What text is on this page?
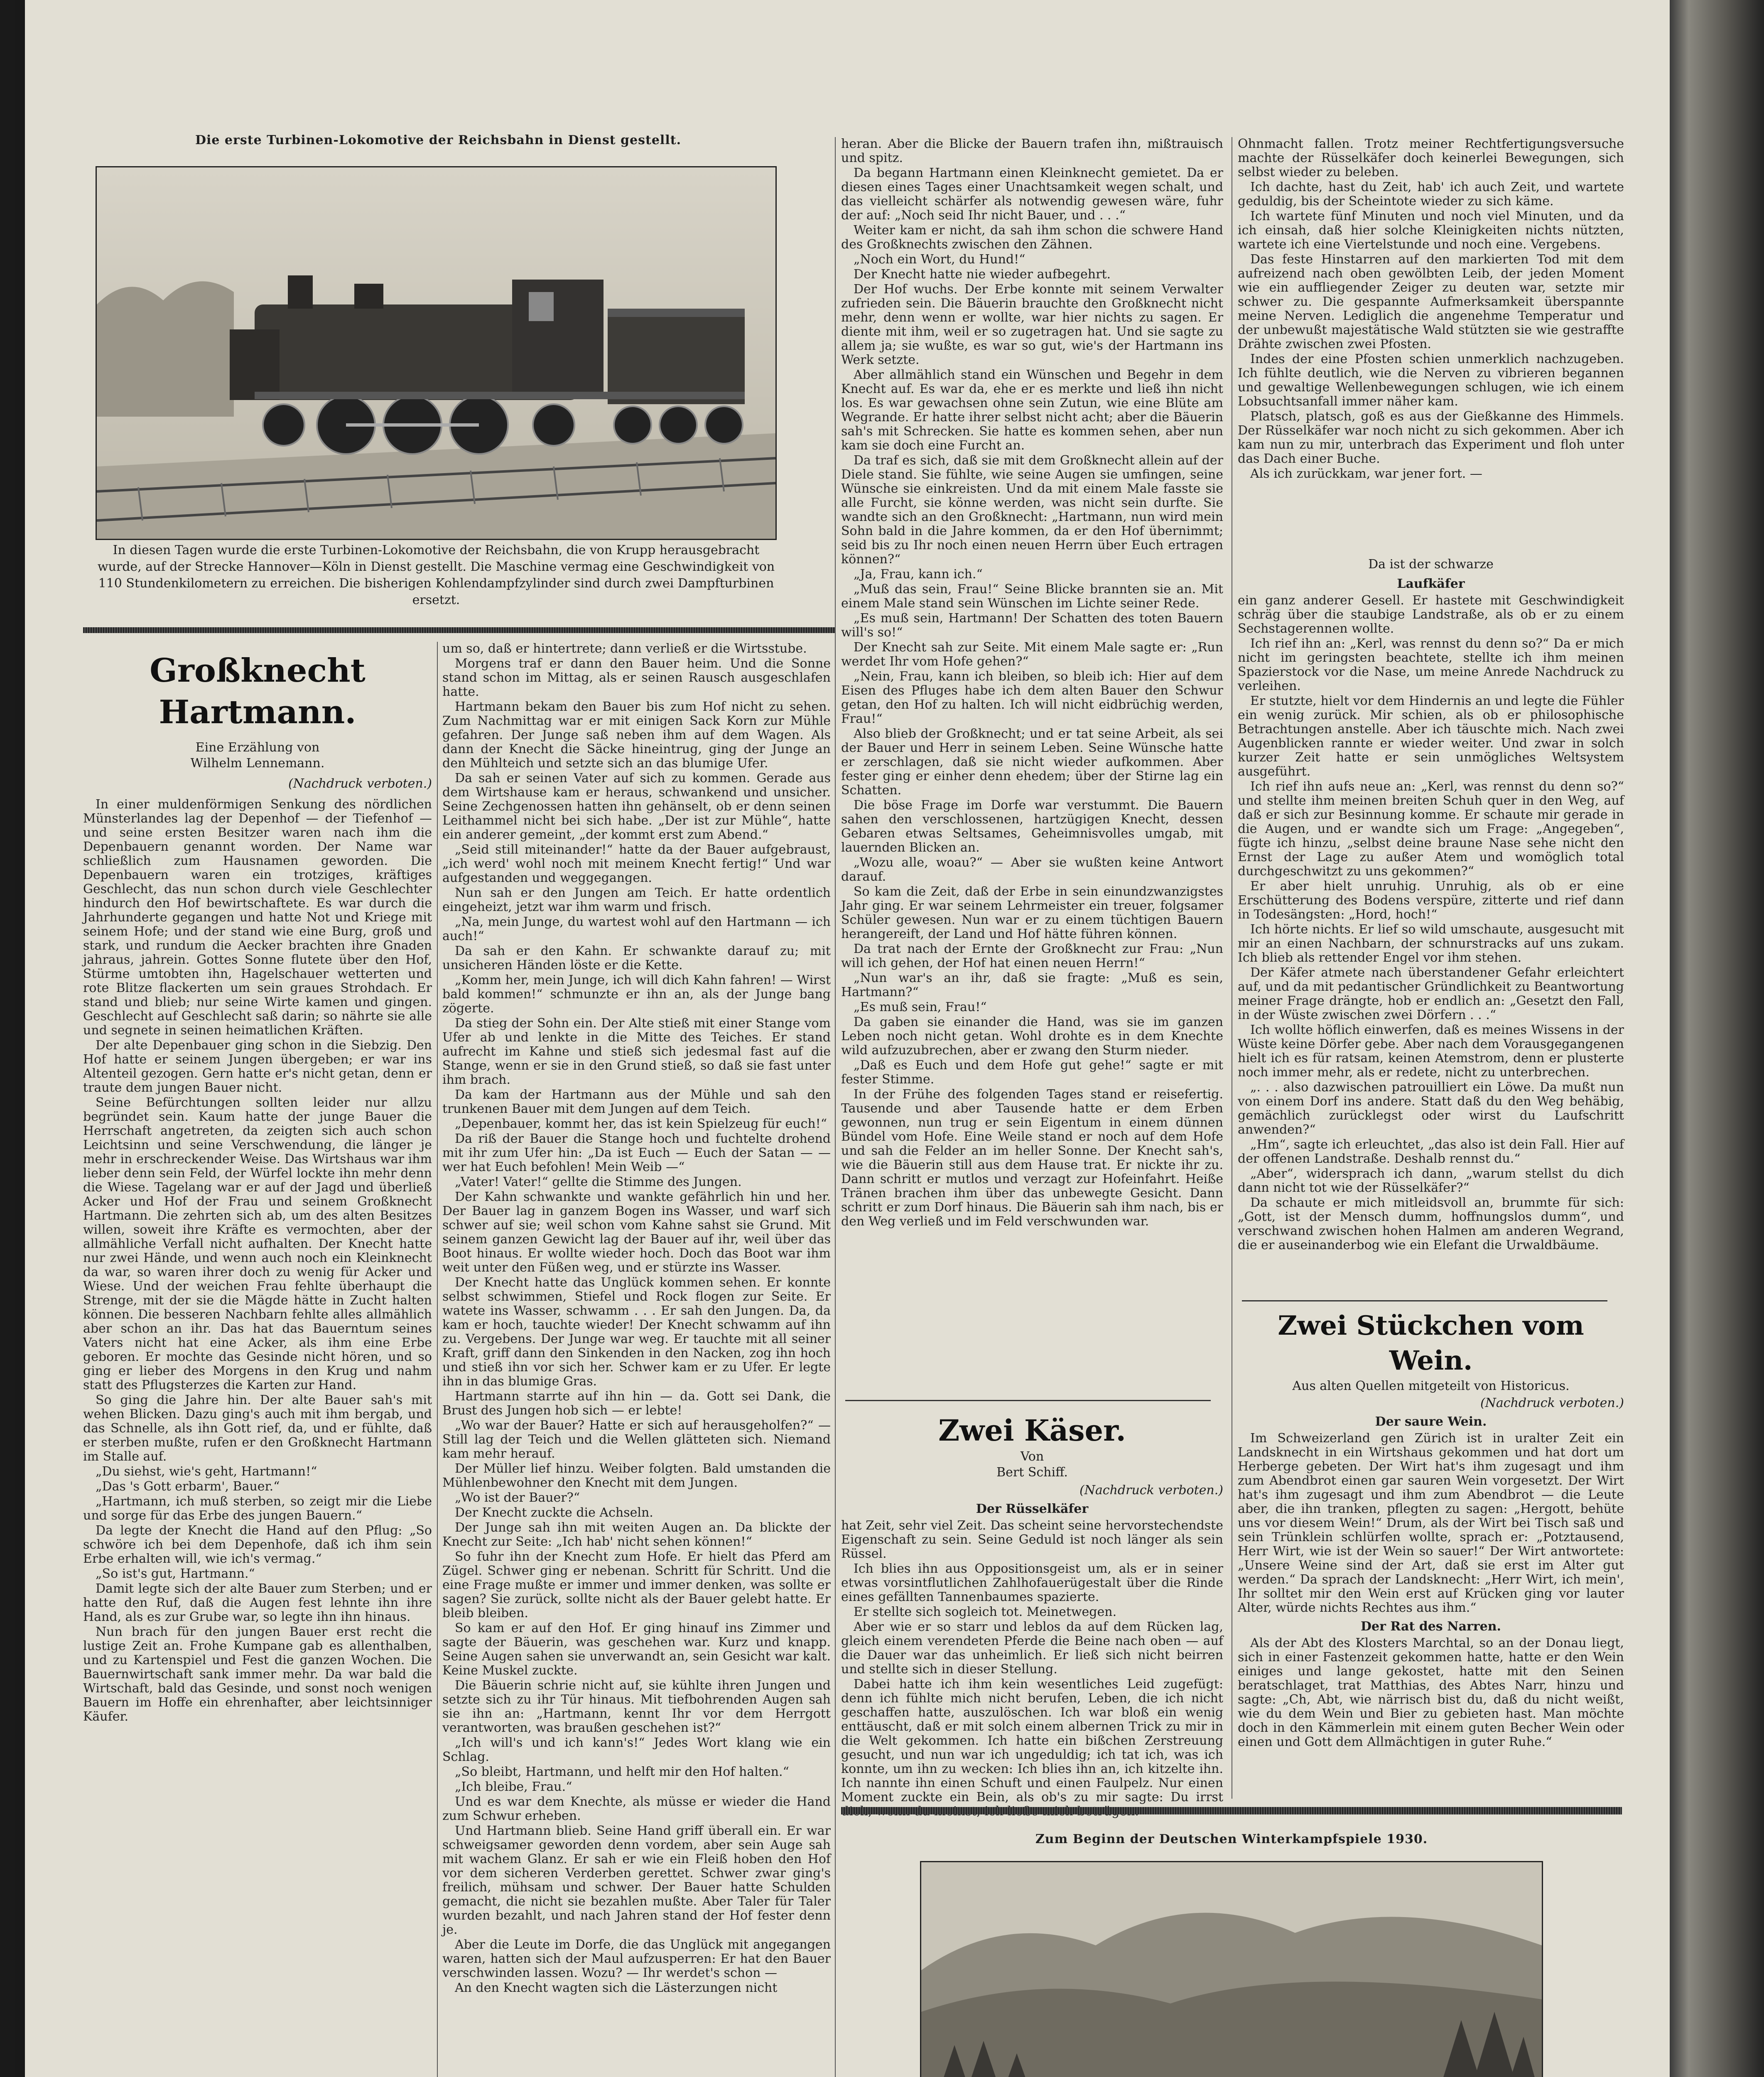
Die erste Turbinen-Lokomotive der Reichsbahn in Dienst gestellt.
In diesen Tagen wurde die erste Turbinen-Lokomotive der Reichsbahn, die von Krupp herausgebracht wurde, auf der Strecke Hannover—Köln in Dienst gestellt. Die Maschine vermag eine Geschwindigkeit von 110 Stundenkilometern zu erreichen. Die bisherigen Kohlendampfzylinder sind durch zwei Dampfturbinen ersetzt.
Großknecht Hartmann.
Eine Erzählung von
Wilhelm Lennemann.
(Nachdruck verboten.)

In einer muldenförmigen Senkung des nördlichen Münsterlandes lag der Depenhof — der Tiefenhof — und seine ersten Besitzer waren nach ihm die Depenbauern genannt worden. Der Name war schließlich zum Hausnamen geworden. Die Depenbauern waren ein trotziges, kräftiges Geschlecht, das nun schon durch viele Geschlechter hindurch den Hof bewirtschaftete. Es war durch die Jahrhunderte gegangen und hatte Not und Kriege mit seinem Hofe; und der stand wie eine Burg, groß und stark, und rundum die Aecker brachten ihre Gnaden jahraus, jahrein. Gottes Sonne flutete über den Hof, Stürme umtobten ihn, Hagelschauer wetterten und rote Blitze flackerten um sein graues Strohdach. Er stand und blieb; nur seine Wirte kamen und gingen. Geschlecht auf Geschlecht saß darin; so nährte sie alle und segnete in seinen heimatlichen Kräften.

Der alte Depenbauer ging schon in die Siebzig. Den Hof hatte er seinem Jungen übergeben; er war ins Altenteil gezogen. Gern hatte er's nicht getan, denn er traute dem jungen Bauer nicht.

Seine Befürchtungen sollten leider nur allzu begründet sein. Kaum hatte der junge Bauer die Herrschaft angetreten, da zeigten sich auch schon Leichtsinn und seine Verschwendung, die länger je mehr in erschreckender Weise. Das Wirtshaus war ihm lieber denn sein Feld, der Würfel lockte ihn mehr denn die Wiese. Tagelang war er auf der Jagd und überließ Acker und Hof der Frau und seinem Großknecht Hartmann. Die zehrten sich ab, um des alten Besitzes willen, soweit ihre Kräfte es vermochten, aber der allmähliche Verfall nicht aufhalten. Der Knecht hatte nur zwei Hände, und wenn auch noch ein Kleinknecht da war, so waren ihrer doch zu wenig für Acker und Wiese. Und der weichen Frau fehlte überhaupt die Strenge, mit der sie die Mägde hätte in Zucht halten können. Die besseren Nachbarn fehlte alles allmählich aber schon an ihr. Das hat das Bauerntum seines Vaters nicht hat eine Acker, als ihm eine Erbe geboren. Er mochte das Gesinde nicht hören, und so ging er lieber des Morgens in den Krug und nahm statt des Pflugsterzes die Karten zur Hand.

So ging die Jahre hin. Der alte Bauer sah's mit wehen Blicken. Dazu ging's auch mit ihm bergab, und das Schnelle, als ihn Gott rief, da, und er fühlte, daß er sterben mußte, rufen er den Großknecht Hartmann im Stalle auf.

„Du siehst, wie's geht, Hartmann!“

„Das 's Gott erbarm', Bauer.“

„Hartmann, ich muß sterben, so zeigt mir die Liebe und sorge für das Erbe des jungen Bauern.“

Da legte der Knecht die Hand auf den Pflug: „So schwöre ich bei dem Depenhofe, daß ich ihm sein Erbe erhalten will, wie ich's vermag.“

„So ist's gut, Hartmann.“

Damit legte sich der alte Bauer zum Sterben; und er hatte den Ruf, daß die Augen fest lehnte ihn ihre Hand, als es zur Grube war, so legte ihn ihn hinaus.

Nun brach für den jungen Bauer erst recht die lustige Zeit an. Frohe Kumpane gab es allenthalben, und zu Kartenspiel und Fest die ganzen Wochen. Die Bauernwirtschaft sank immer mehr. Da war bald die Wirtschaft, bald das Gesinde, und sonst noch wenigen Bauern im Hoffe ein ehrenhafter, aber leichtsinniger Käufer.

um so, daß er hintertrete; dann verließ er die Wirtsstube.

Morgens traf er dann den Bauer heim. Und die Sonne stand schon im Mittag, als er seinen Rausch ausgeschlafen hatte.

Hartmann bekam den Bauer bis zum Hof nicht zu sehen. Zum Nachmittag war er mit einigen Sack Korn zur Mühle gefahren. Der Junge saß neben ihm auf dem Wagen. Als dann der Knecht die Säcke hineintrug, ging der Junge an den Mühlteich und setzte sich an das blumige Ufer.

Da sah er seinen Vater auf sich zu kommen. Gerade aus dem Wirtshause kam er heraus, schwankend und unsicher. Seine Zechgenossen hatten ihn gehänselt, ob er denn seinen Leithammel nicht bei sich habe. „Der ist zur Mühle“, hatte ein anderer gemeint, „der kommt erst zum Abend.“

„Seid still miteinander!“ hatte da der Bauer aufgebraust, „ich werd' wohl noch mit meinem Knecht fertig!“ Und war aufgestanden und weggegangen.

Nun sah er den Jungen am Teich. Er hatte ordentlich eingeheizt, jetzt war ihm warm und frisch.

„Na, mein Junge, du wartest wohl auf den Hartmann — ich auch!“

Da sah er den Kahn. Er schwankte darauf zu; mit unsicheren Händen löste er die Kette.

„Komm her, mein Junge, ich will dich Kahn fahren! — Wirst bald kommen!“ schmunzte er ihn an, als der Junge bang zögerte.

Da stieg der Sohn ein. Der Alte stieß mit einer Stange vom Ufer ab und lenkte in die Mitte des Teiches. Er stand aufrecht im Kahne und stieß sich jedesmal fast auf die Stange, wenn er sie in den Grund stieß, so daß sie fast unter ihm brach.

Da kam der Hartmann aus der Mühle und sah den trunkenen Bauer mit dem Jungen auf dem Teich.

„Depenbauer, kommt her, das ist kein Spielzeug für euch!“

Da riß der Bauer die Stange hoch und fuchtelte drohend mit ihr zum Ufer hin: „Da ist Euch — Euch der Satan — — wer hat Euch befohlen! Mein Weib —“

„Vater! Vater!“ gellte die Stimme des Jungen.

Der Kahn schwankte und wankte gefährlich hin und her. Der Bauer lag in ganzem Bogen ins Wasser, und warf sich schwer auf sie; weil schon vom Kahne sahst sie Grund. Mit seinem ganzen Gewicht lag der Bauer auf ihr, weil über das Boot hinaus. Er wollte wieder hoch. Doch das Boot war ihm weit unter den Füßen weg, und er stürzte ins Wasser.

Der Knecht hatte das Unglück kommen sehen. Er konnte selbst schwimmen, Stiefel und Rock flogen zur Seite. Er watete ins Wasser, schwamm . . . Er sah den Jungen. Da, da kam er hoch, tauchte wieder! Der Knecht schwamm auf ihn zu. Vergebens. Der Junge war weg. Er tauchte mit all seiner Kraft, griff dann den Sinkenden in den Nacken, zog ihn hoch und stieß ihn vor sich her. Schwer kam er zu Ufer. Er legte ihn in das blumige Gras.

Hartmann starrte auf ihn hin — da. Gott sei Dank, die Brust des Jungen hob sich — er lebte!

„Wo war der Bauer? Hatte er sich auf herausgeholfen?“ — Still lag der Teich und die Wellen glätteten sich. Niemand kam mehr herauf.

Der Müller lief hinzu. Weiber folgten. Bald umstanden die Mühlenbewohner den Knecht mit dem Jungen.

„Wo ist der Bauer?“

Der Knecht zuckte die Achseln.

Der Junge sah ihn mit weiten Augen an. Da blickte der Knecht zur Seite: „Ich hab' nicht sehen können!“

So fuhr ihn der Knecht zum Hofe. Er hielt das Pferd am Zügel. Schwer ging er nebenan. Schritt für Schritt. Und die eine Frage mußte er immer und immer denken, was sollte er sagen? Sie zurück, sollte nicht als der Bauer gelebt hatte. Er bleib bleiben.

So kam er auf den Hof. Er ging hinauf ins Zimmer und sagte der Bäuerin, was geschehen war. Kurz und knapp. Seine Augen sahen sie unverwandt an, sein Gesicht war kalt. Keine Muskel zuckte.

Die Bäuerin schrie nicht auf, sie kühlte ihren Jungen und setzte sich zu ihr Tür hinaus. Mit tiefbohrenden Augen sah sie ihn an: „Hartmann, kennt Ihr vor dem Herrgott verantworten, was braußen geschehen ist?“

„Ich will's und ich kann's!“ Jedes Wort klang wie ein Schlag.

„So bleibt, Hartmann, und helft mir den Hof halten.“

„Ich bleibe, Frau.“

Und es war dem Knechte, als müsse er wieder die Hand zum Schwur erheben.

Und Hartmann blieb. Seine Hand griff überall ein. Er war schweigsamer geworden denn vordem, aber sein Auge sah mit wachem Glanz. Er sah er wie ein Fleiß hoben den Hof vor dem sicheren Verderben gerettet. Schwer zwar ging's freilich, mühsam und schwer. Der Bauer hatte Schulden gemacht, die nicht sie bezahlen mußte. Aber Taler für Taler wurden bezahlt, und nach Jahren stand der Hof fester denn je.

Aber die Leute im Dorfe, die das Unglück mit angegangen waren, hatten sich der Maul aufzusperren: Er hat den Bauer verschwinden lassen. Wozu? — Ihr werdet's schon —

An den Knecht wagten sich die Lästerzungen nicht

heran. Aber die Blicke der Bauern trafen ihn, mißtrauisch und spitz.

Da begann Hartmann einen Kleinknecht gemietet. Da er diesen eines Tages einer Unachtsamkeit wegen schalt, und das vielleicht schärfer als notwendig gewesen wäre, fuhr der auf: „Noch seid Ihr nicht Bauer, und . . .“

Weiter kam er nicht, da sah ihm schon die schwere Hand des Großknechts zwischen den Zähnen.

„Noch ein Wort, du Hund!“

Der Knecht hatte nie wieder aufbegehrt.

Der Hof wuchs. Der Erbe konnte mit seinem Verwalter zufrieden sein. Die Bäuerin brauchte den Großknecht nicht mehr, denn wenn er wollte, war hier nichts zu sagen. Er diente mit ihm, weil er so zugetragen hat. Und sie sagte zu allem ja; sie wußte, es war so gut, wie's der Hartmann ins Werk setzte.

Aber allmählich stand ein Wünschen und Begehr in dem Knecht auf. Es war da, ehe er es merkte und ließ ihn nicht los. Es war gewachsen ohne sein Zutun, wie eine Blüte am Wegrande. Er hatte ihrer selbst nicht acht; aber die Bäuerin sah's mit Schrecken. Sie hatte es kommen sehen, aber nun kam sie doch eine Furcht an.

Da traf es sich, daß sie mit dem Großknecht allein auf der Diele stand. Sie fühlte, wie seine Augen sie umfingen, seine Wünsche sie einkreisten. Und da mit einem Male fasste sie alle Furcht, sie könne werden, was nicht sein durfte. Sie wandte sich an den Großknecht: „Hartmann, nun wird mein Sohn bald in die Jahre kommen, da er den Hof übernimmt; seid bis zu Ihr noch einen neuen Herrn über Euch ertragen können?“

„Ja, Frau, kann ich.“

„Muß das sein, Frau!“ Seine Blicke brannten sie an. Mit einem Male stand sein Wünschen im Lichte seiner Rede.

„Es muß sein, Hartmann! Der Schatten des toten Bauern will's so!“

Der Knecht sah zur Seite. Mit einem Male sagte er: „Run werdet Ihr vom Hofe gehen?“

„Nein, Frau, kann ich bleiben, so bleib ich: Hier auf dem Eisen des Pfluges habe ich dem alten Bauer den Schwur getan, den Hof zu halten. Ich will nicht eidbrüchig werden, Frau!“

Also blieb der Großknecht; und er tat seine Arbeit, als sei der Bauer und Herr in seinem Leben. Seine Wünsche hatte er zerschlagen, daß sie nicht wieder aufkommen. Aber fester ging er einher denn ehedem; über der Stirne lag ein Schatten.

Die böse Frage im Dorfe war verstummt. Die Bauern sahen den verschlossenen, hartzügigen Knecht, dessen Gebaren etwas Seltsames, Geheimnisvolles umgab, mit lauernden Blicken an.

„Wozu alle, woau?“ — Aber sie wußten keine Antwort darauf.

So kam die Zeit, daß der Erbe in sein einundzwanzigstes Jahr ging. Er war seinem Lehrmeister ein treuer, folgsamer Schüler gewesen. Nun war er zu einem tüchtigen Bauern herangereift, der Land und Hof hätte führen können.

Da trat nach der Ernte der Großknecht zur Frau: „Nun will ich gehen, der Hof hat einen neuen Herrn!“

„Nun war's an ihr, daß sie fragte: „Muß es sein, Hartmann?“

„Es muß sein, Frau!“

Da gaben sie einander die Hand, was sie im ganzen Leben noch nicht getan. Wohl drohte es in dem Knechte wild aufzuzubrechen, aber er zwang den Sturm nieder.

„Daß es Euch und dem Hofe gut gehe!“ sagte er mit fester Stimme.

In der Frühe des folgenden Tages stand er reisefertig. Tausende und aber Tausende hatte er dem Erben gewonnen, nun trug er sein Eigentum in einem dünnen Bündel vom Hofe. Eine Weile stand er noch auf dem Hofe und sah die Felder an im heller Sonne. Der Knecht sah's, wie die Bäuerin still aus dem Hause trat. Er nickte ihr zu. Dann schritt er mutlos und verzagt zur Hofeinfahrt. Heiße Tränen brachen ihm über das unbewegte Gesicht. Dann schritt er zum Dorf hinaus. Die Bäuerin sah ihm nach, bis er den Weg verließ und im Feld verschwunden war.

Zwei Käser.
Von
Bert Schiff.
(Nachdruck verboten.)
Der Rüsselkäfer

hat Zeit, sehr viel Zeit. Das scheint seine hervorstechendste Eigenschaft zu sein. Seine Geduld ist noch länger als sein Rüssel.

Ich blies ihn aus Oppositionsgeist um, als er in seiner etwas vorsintflutlichen Zahlhofauerügestalt über die Rinde eines gefällten Tannenbaumes spazierte.

Er stellte sich sogleich tot. Meinetwegen.

Aber wie er so starr und leblos da auf dem Rücken lag, gleich einem verendeten Pferde die Beine nach oben — auf die Dauer war das unheimlich. Er ließ sich nicht beirren und stellte sich in dieser Stellung.

Dabei hatte ich ihm kein wesentliches Leid zugefügt: denn ich fühlte mich nicht berufen, Leben, die ich nicht geschaffen hatte, auszulöschen. Ich war bloß ein wenig enttäuscht, daß er mit solch einem albernen Trick zu mir in die Welt gekommen. Ich hatte ein bißchen Zerstreuung gesucht, und nun war ich ungeduldig; ich tat ich, was ich konnte, um ihn zu wecken: Ich blies ihn an, ich kitzelte ihn. Ich nannte ihn einen Schuft und einen Faulpelz. Nur einen Moment zuckte ein Bein, als ob's zu mir sagte: Du irrst

Ohnmacht fallen. Trotz meiner Rechtfertigungsversuche machte der Rüsselkäfer doch keinerlei Bewegungen, sich selbst wieder zu beleben.

Ich dachte, hast du Zeit, hab' ich auch Zeit, und wartete geduldig, bis der Scheintote wieder zu sich käme.

Ich wartete fünf Minuten und noch viel Minuten, und da ich einsah, daß hier solche Kleinigkeiten nichts nützten, wartete ich eine Viertelstunde und noch eine. Vergebens.

Das feste Hinstarren auf den markierten Tod mit dem aufreizend nach oben gewölbten Leib, der jeden Moment wie ein auffliegender Zeiger zu deuten war, setzte mir schwer zu. Die gespannte Aufmerksamkeit überspannte meine Nerven. Lediglich die angenehme Temperatur und der unbewußt majestätische Wald stützten sie wie gestraffte Drähte zwischen zwei Pfosten.

Indes der eine Pfosten schien unmerklich nachzugeben. Ich fühlte deutlich, wie die Nerven zu vibrieren begannen und gewaltige Wellenbewegungen schlugen, wie ich einem Lobsuchtsanfall immer näher kam.

Platsch, platsch, goß es aus der Gießkanne des Himmels. Der Rüsselkäfer war noch nicht zu sich gekommen. Aber ich kam nun zu mir, unterbrach das Experiment und floh unter das Dach einer Buche.

Als ich zurückkam, war jener fort. —

Da ist der schwarze
Laufkäfer

ein ganz anderer Gesell. Er hastete mit Geschwindigkeit schräg über die staubige Landstraße, als ob er zu einem Sechstagerennen wollte.

Ich rief ihn an: „Kerl, was rennst du denn so?“ Da er mich nicht im geringsten beachtete, stellte ich ihm meinen Spazierstock vor die Nase, um meine Anrede Nachdruck zu verleihen.

Er stutzte, hielt vor dem Hindernis an und legte die Fühler ein wenig zurück. Mir schien, als ob er philosophische Betrachtungen anstelle. Aber ich täuschte mich. Nach zwei Augenblicken rannte er wieder weiter. Und zwar in solch kurzer Zeit hatte er sein unmögliches Weltsystem ausgeführt.

Ich rief ihn aufs neue an: „Kerl, was rennst du denn so?“ und stellte ihm meinen breiten Schuh quer in den Weg, auf daß er sich zur Besinnung komme. Er schaute mir gerade in die Augen, und er wandte sich um Frage: „Angegeben“, fügte ich hinzu, „selbst deine braune Nase sehe nicht den Ernst der Lage zu außer Atem und womöglich total durchgeschwitzt zu uns gekommen?“

Er aber hielt unruhig. Unruhig, als ob er eine Erschütterung des Bodens verspüre, zitterte und rief dann in Todesängsten: „Hord, hoch!“

Ich hörte nichts. Er lief so wild umschaute, ausgesucht mit mir an einen Nachbarn, der schnurstracks auf uns zukam. Ich blieb als rettender Engel vor ihm stehen.

Der Käfer atmete nach überstandener Gefahr erleichtert auf, und da mit pedantischer Gründlichkeit zu Beantwortung meiner Frage drängte, hob er endlich an: „Gesetzt den Fall, in der Wüste zwischen zwei Dörfern . . .“

Ich wollte höflich einwerfen, daß es meines Wissens in der Wüste keine Dörfer gebe. Aber nach dem Vorausgegangenen hielt ich es für ratsam, keinen Atemstrom, denn er plusterte noch immer mehr, als er redete, nicht zu unterbrechen.

„. . . also dazwischen patrouilliert ein Löwe. Da mußt nun von einem Dorf ins andere. Statt daß du den Weg behäbig, gemächlich zurücklegst oder wirst du Laufschritt anwenden?“

„Hm“, sagte ich erleuchtet, „das also ist dein Fall. Hier auf der offenen Landstraße. Deshalb rennst du.“

„Aber“, widersprach ich dann, „warum stellst du dich dann nicht tot wie der Rüsselkäfer?“

Da schaute er mich mitleidsvoll an, brummte für sich: „Gott, ist der Mensch dumm, hoffnungslos dumm“, und verschwand zwischen hohen Halmen am anderen Wegrand, die er auseinanderbog wie ein Elefant die Urwaldbäume.

Zwei Stückchen vom Wein.
Aus alten Quellen mitgeteilt von Historicus.
(Nachdruck verboten.)
Der saure Wein.

Im Schweizerland gen Zürich ist in uralter Zeit ein Landsknecht in ein Wirtshaus gekommen und hat dort um Herberge gebeten. Der Wirt hat's ihm zugesagt und ihm zum Abendbrot einen gar sauren Wein vorgesetzt. Der Wirt hat's ihm zugesagt und ihm zum Abendbrot — die Leute aber, die ihn tranken, pflegten zu sagen: „Hergott, behüte uns vor diesem Wein!“ Drum, als der Wirt bei Tisch saß und sein Trünklein schlürfen wollte, sprach er: „Potztausend, Herr Wirt, wie ist der Wein so sauer!“ Der Wirt antwortete: „Unsere Weine sind der Art, daß sie erst im Alter gut werden.“ Da sprach der Landsknecht: „Herr Wirt, ich mein', Ihr solltet mir den Wein erst auf Krücken ging vor lauter Alter, würde nichts Rechtes aus ihm.“

Der Rat des Narren.

Als der Abt des Klosters Marchtal, so an der Donau liegt, sich in einer Fastenzeit gekommen hatte, hatte er den Wein einiges und lange gekostet, hatte mit den Seinen beratschlaget, trat Matthias, des Abtes Narr, hinzu und sagte: „Ch, Abt, wie närrisch bist du, daß du nicht weißt, wie du dem Wein und Bier zu gebieten hast. Man möchte doch in den Kämmerlein mit einem guten Becher Wein oder einen und Gott dem Allmächtigen in guter Ruhe.“

Zum Beginn der Deutschen Winterkampfspiele 1930.
